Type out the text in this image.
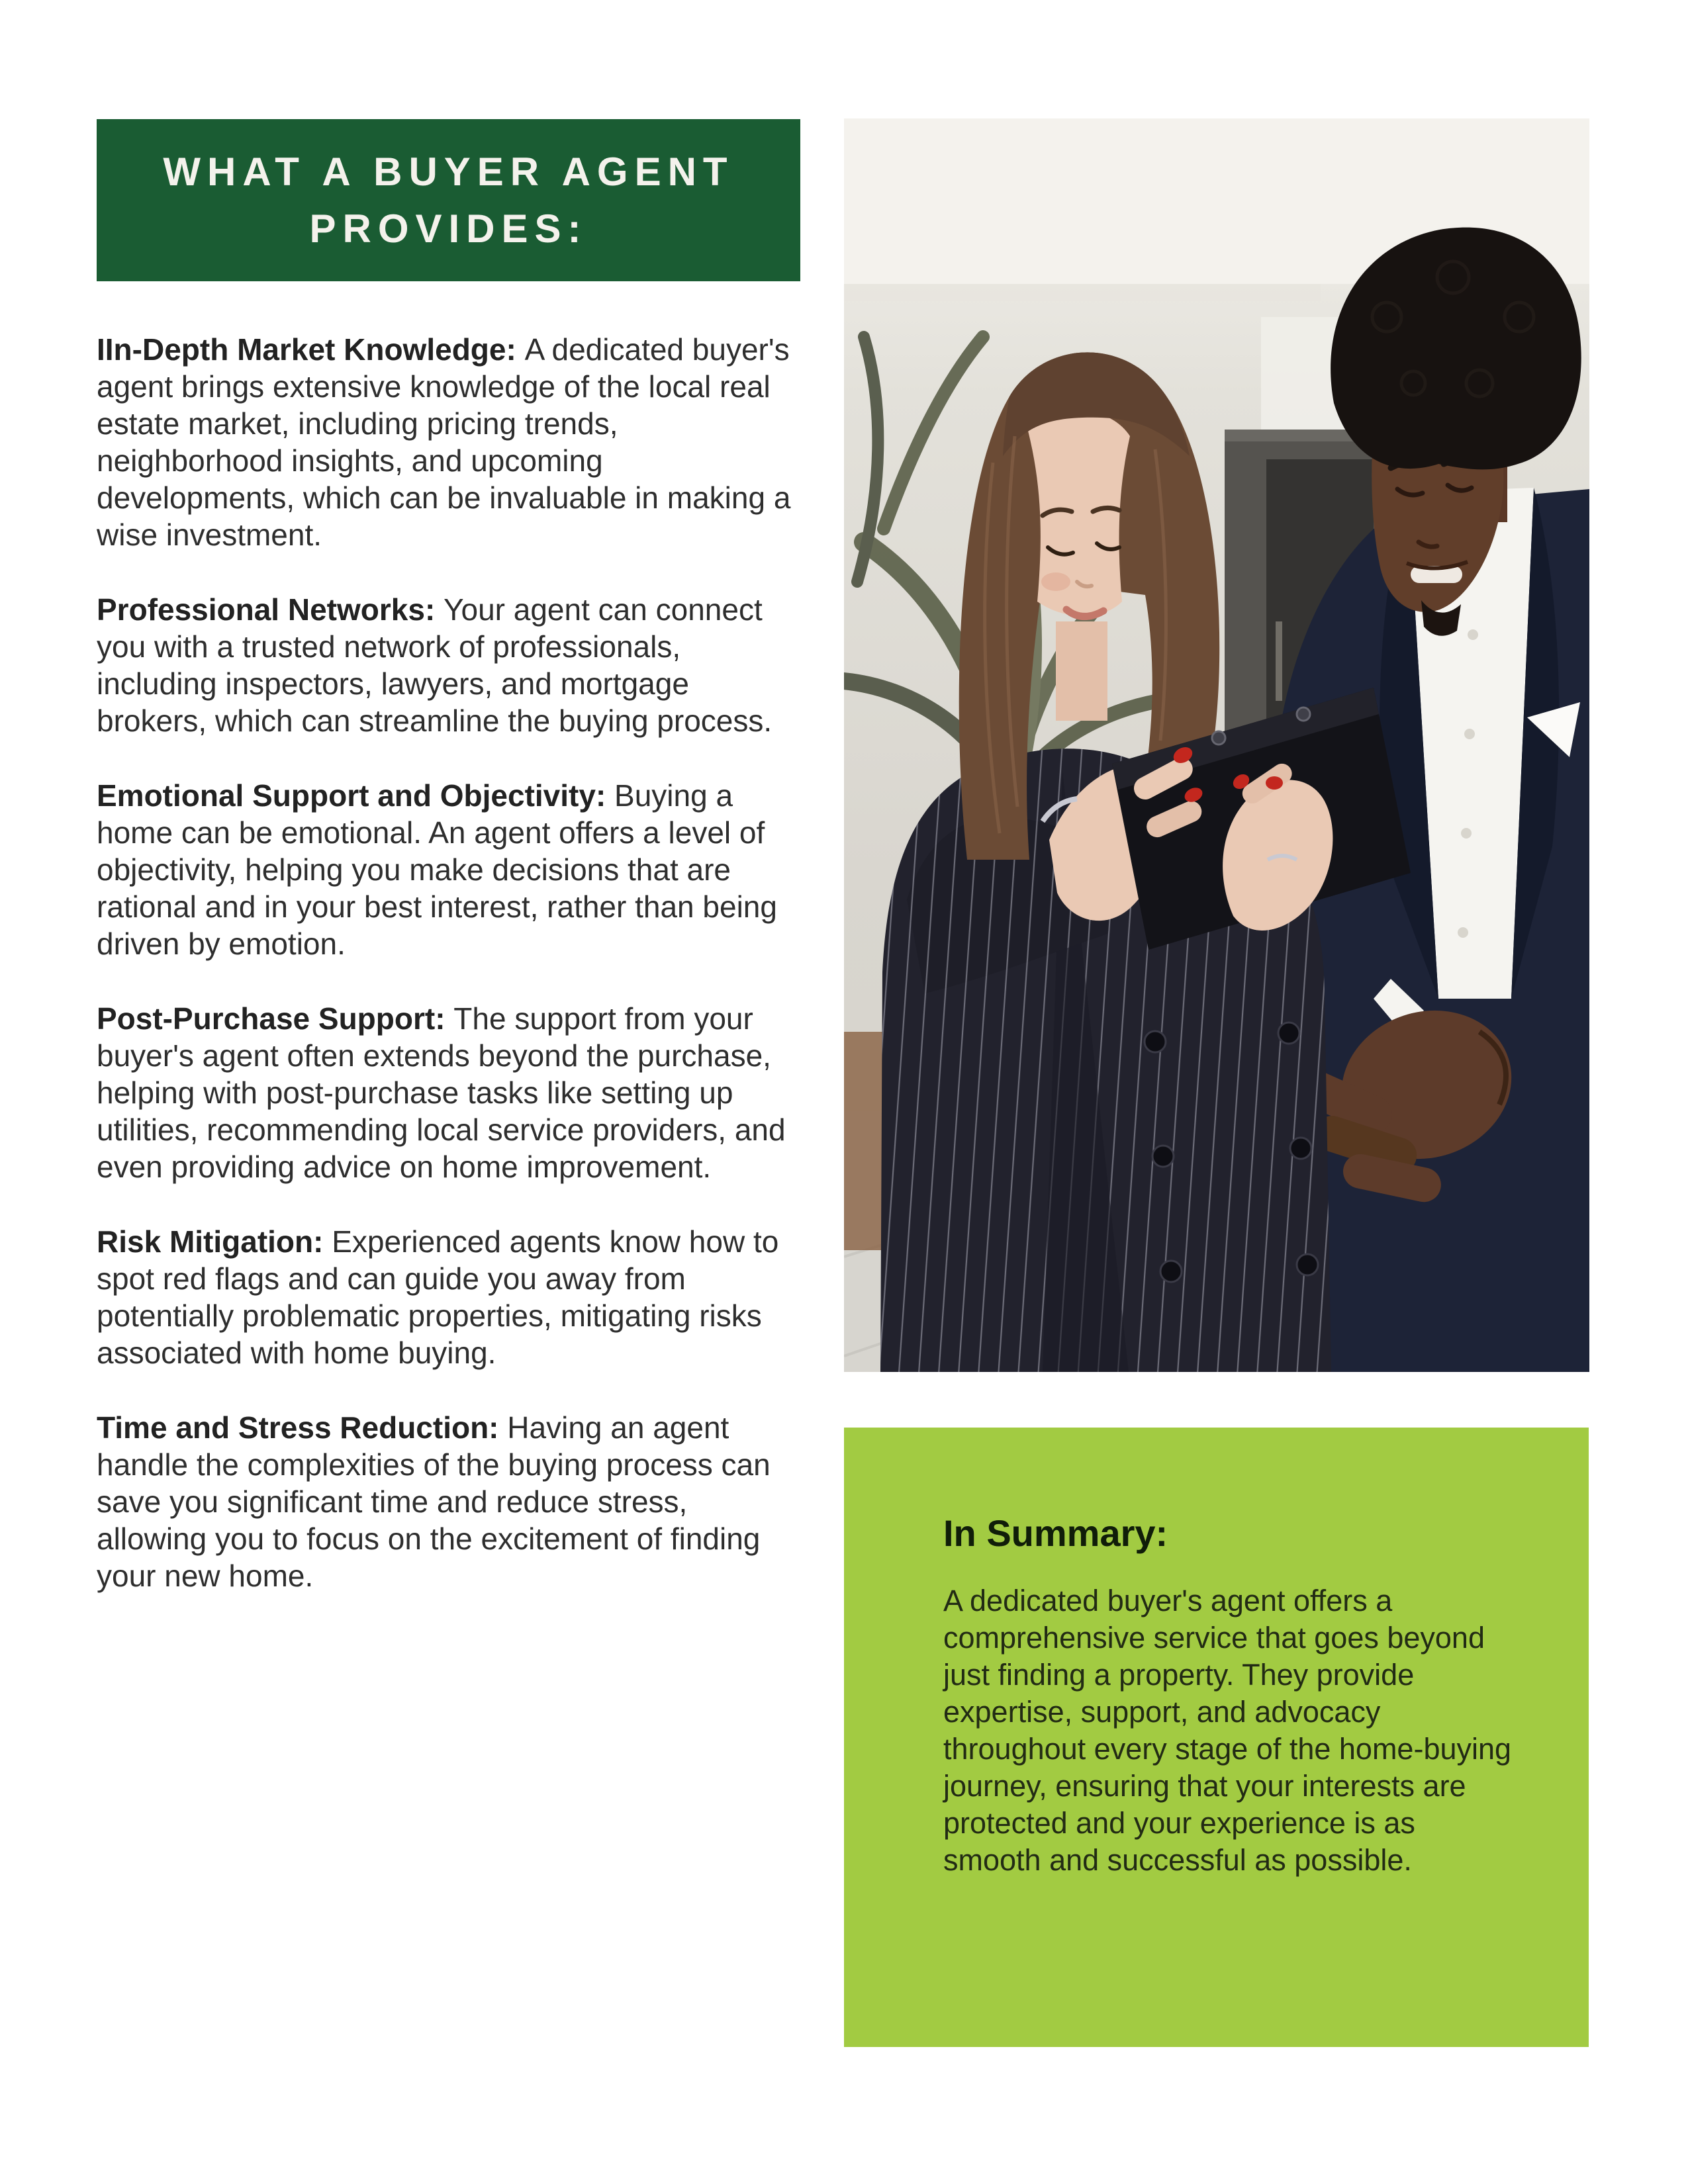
WHAT A BUYER AGENT
PROVIDES:

IIn-Depth Market Knowledge: A dedicated buyer's agent brings extensive knowledge of the local real estate market, including pricing trends, neighborhood insights, and upcoming developments, which can be invaluable in making a wise investment.

Professional Networks: Your agent can connect you with a trusted network of professionals, including inspectors, lawyers, and mortgage brokers, which can streamline the buying process.

Emotional Support and Objectivity: Buying a home can be emotional. An agent offers a level of objectivity, helping you make decisions that are rational and in your best interest, rather than being driven by emotion.

Post-Purchase Support: The support from your buyer's agent often extends beyond the purchase, helping with post-purchase tasks like setting up utilities, recommending local service providers, and even providing advice on home improvement.

Risk Mitigation: Experienced agents know how to spot red flags and can guide you away from potentially problematic properties, mitigating risks associated with home buying.

Time and Stress Reduction: Having an agent handle the complexities of the buying process can save you significant time and reduce stress, allowing you to focus on the excitement of finding your new home.

In Summary:

A dedicated buyer's agent offers a comprehensive service that goes beyond just finding a property. They provide expertise, support, and advocacy throughout every stage of the home-buying journey, ensuring that your interests are protected and your experience is as smooth and successful as possible.
